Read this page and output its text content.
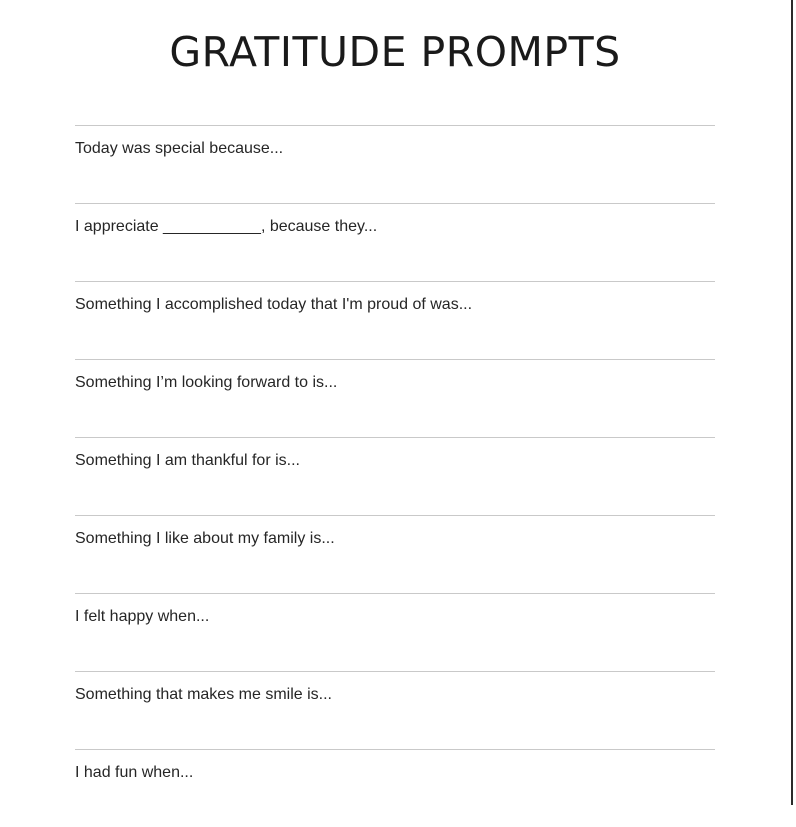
GRATITUDE PROMPTS
Today was special because...
I appreciate ___________, because they...
Something I accomplished today that I'm proud of was...
Something I’m looking forward to is...
Something I am thankful for is...
Something I like about my family is...
I felt happy when...
Something that makes me smile is...
I had fun when...
